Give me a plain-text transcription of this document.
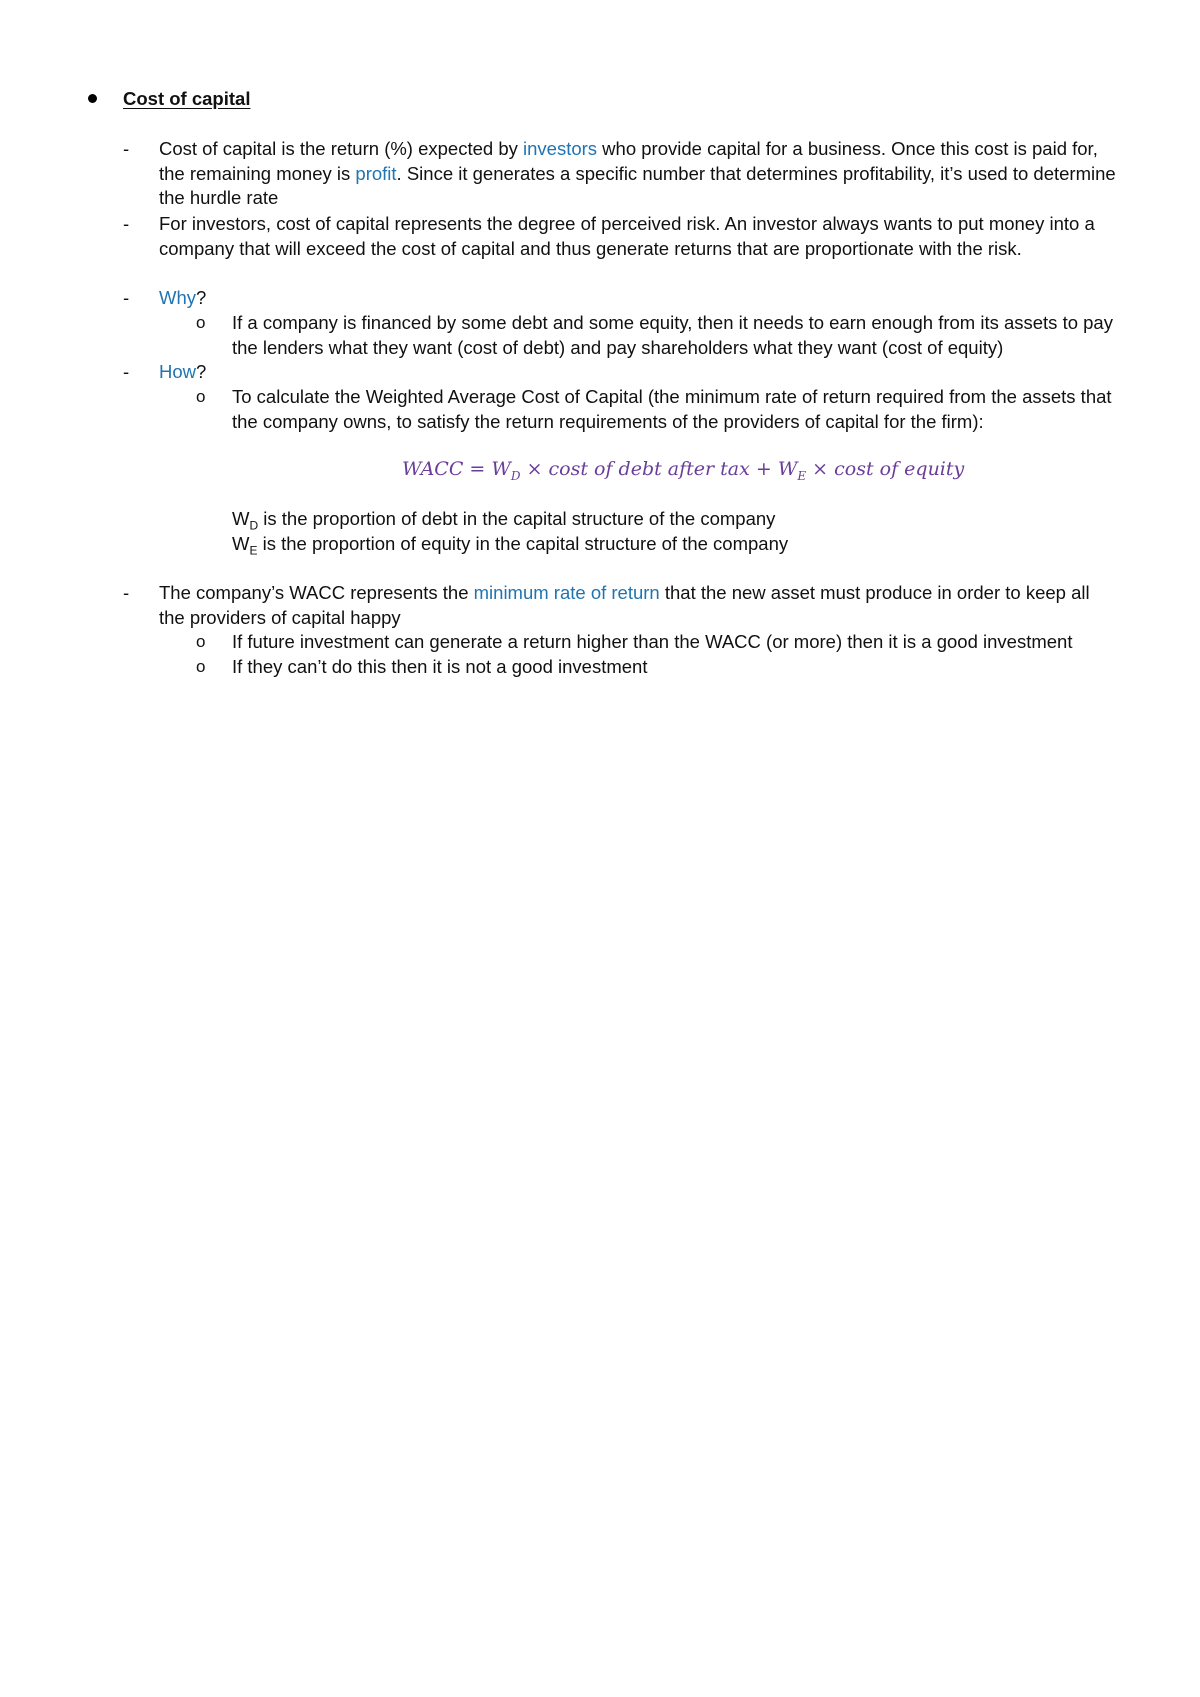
Cost of capital
-	Cost of capital is the return (%) expected by investors who provide capital for a business. Once this cost is paid for, the remaining money is profit. Since it generates a specific number that determines profitability, it’s used to determine the hurdle rate
-	For investors, cost of capital represents the degree of perceived risk. An investor always wants to put money into a company that will exceed the cost of capital and thus generate returns that are proportionate with the risk.
-	Why?
o If a company is financed by some debt and some equity, then it needs to earn enough from its assets to pay the lenders what they want (cost of debt) and pay shareholders what they want (cost of equity)
-	How?
o To calculate the Weighted Average Cost of Capital (the minimum rate of return required from the assets that the company owns, to satisfy the return requirements of the providers of capital for the firm):
WACC = $W_D \times \cos t$ of debt after tax + $W_E \times \cos t$ of equity
$W_D$ is the proportion of debt in the capital structure of the company
$W_E$ is the proportion of equity in the capital structure of the company
-	The company’s WACC represents the minimum rate of return that the new asset must produce in order to keep all the providers of capital happy
o If future investment can generate a return higher than the WACC (or more) then it is a good investment
o If they can’t do this then it is not a good investment
